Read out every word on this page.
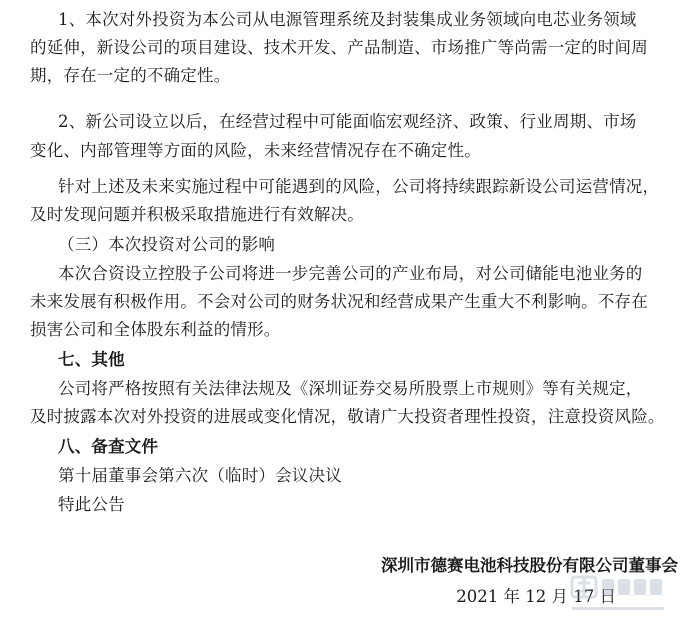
1、本次对外投资为本公司从电源管理系统及封装集成业务领域向电芯业务领域

的延伸，新设公司的项目建设、技术开发、产品制造、市场推广等尚需一定的时间周

期，存在一定的不确定性。

2、新公司设立以后，在经营过程中可能面临宏观经济、政策、行业周期、市场

变化、内部管理等方面的风险，未来经营情况存在不确定性。

针对上述及未来实施过程中可能遇到的风险，公司将持续跟踪新设公司运营情况，

及时发现问题并积极采取措施进行有效解决。

（三）本次投资对公司的影响

本次合资设立控股子公司将进一步完善公司的产业布局，对公司储能电池业务的

未来发展有积极作用。不会对公司的财务状况和经营成果产生重大不利影响。不存在

损害公司和全体股东利益的情形。

七、其他

公司将严格按照有关法律法规及《深圳证券交易所股票上市规则》等有关规定，

及时披露本次对外投资的进展或变化情况，敬请广大投资者理性投资，注意投资风险。

八、备查文件

第十届董事会第六次（临时）会议决议

特此公告

深圳市德赛电池科技股份有限公司董事会
2021 年 12 月 17 日
